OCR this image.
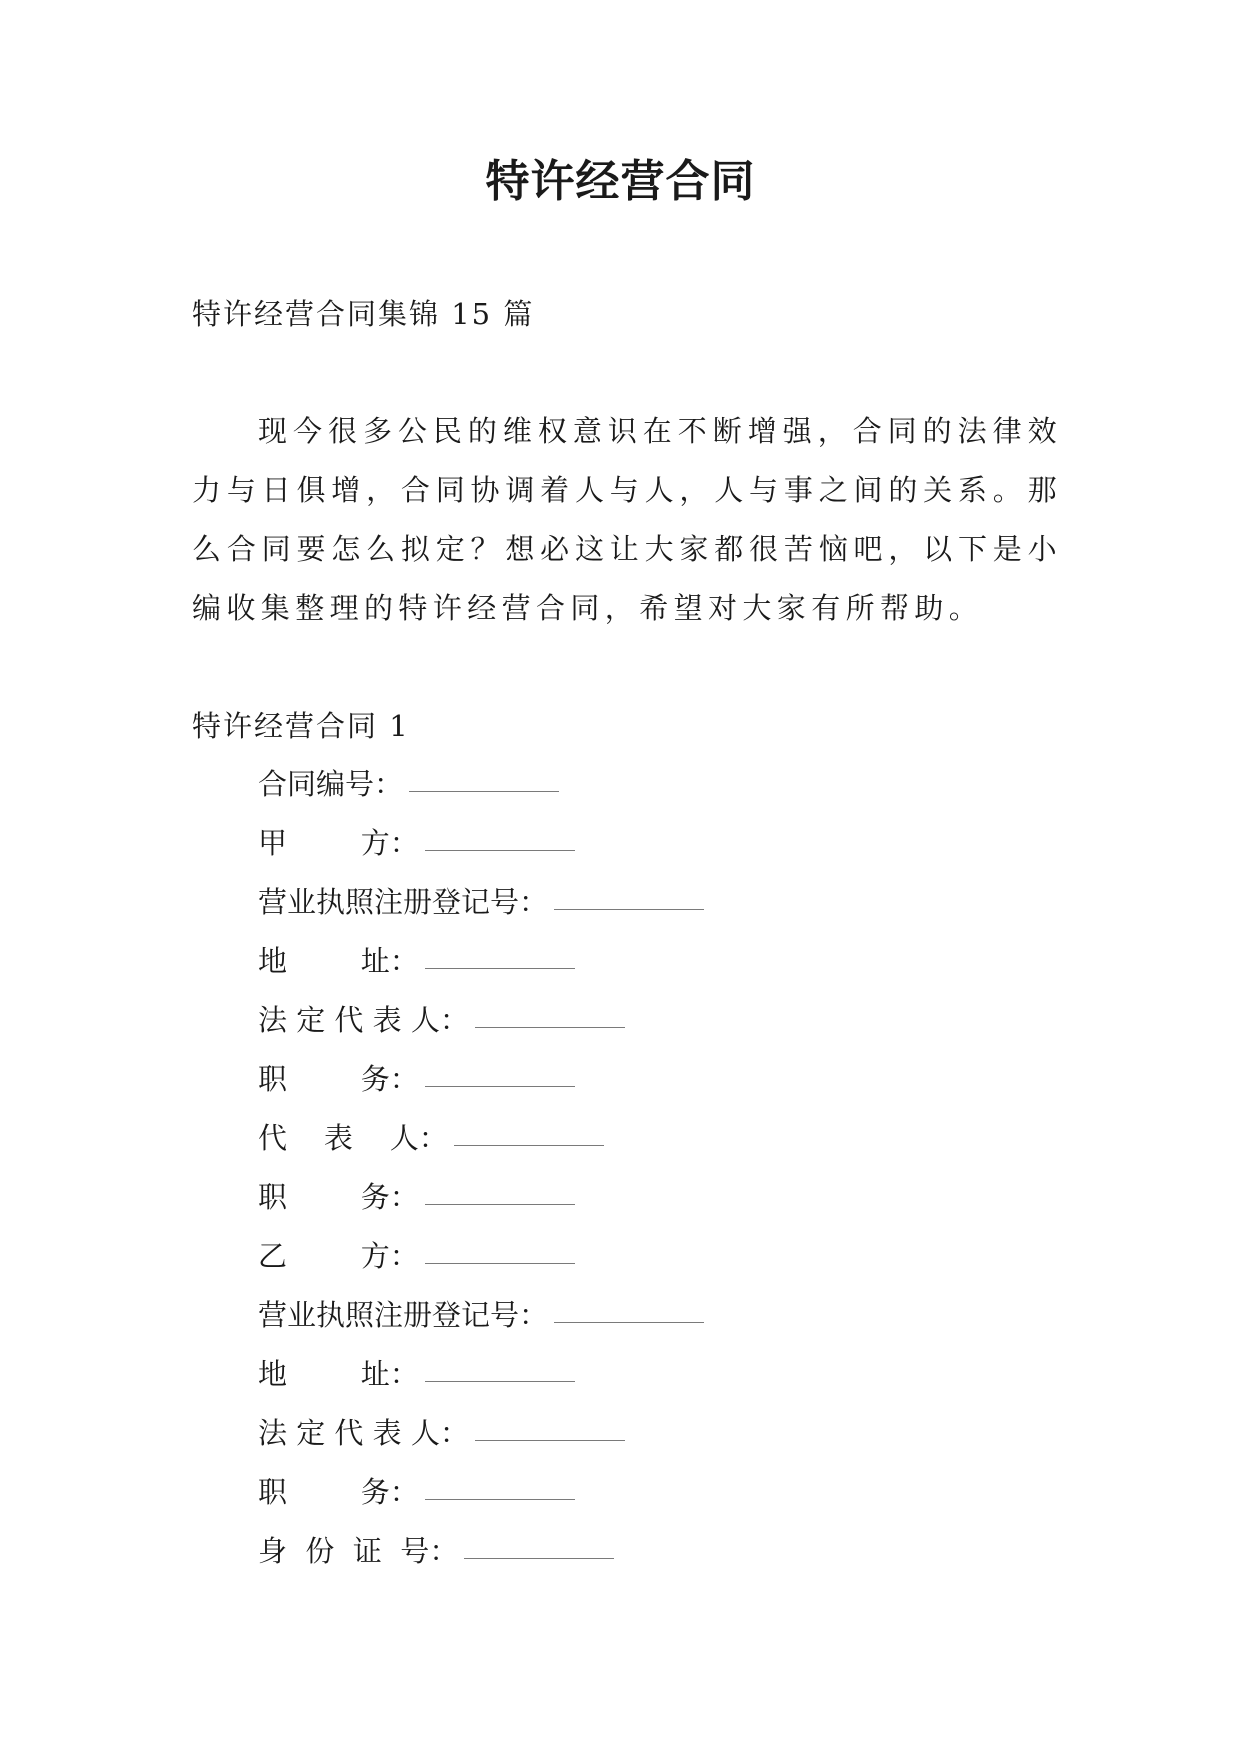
特许经营合同
特许经营合同集锦 15 篇

现今很多公民的维权意识在不断增强，合同的法律效力与日俱增，合同协调着人与人，人与事之间的关系。那么合同要怎么拟定？想必这让大家都很苦恼吧，以下是小编收集整理的特许经营合同，希望对大家有所帮助。

特许经营合同 1
合同编号 ：
甲        方 ：
营业执照注册登记号 ：
地        址 ：
法 定 代 表 人 ：
职        务 ：
代    表    人 ：
职        务 ：
乙        方 ：
营业执照注册登记号 ：
地        址 ：
法 定 代 表 人 ：
职        务 ：
身  份  证  号 ：
